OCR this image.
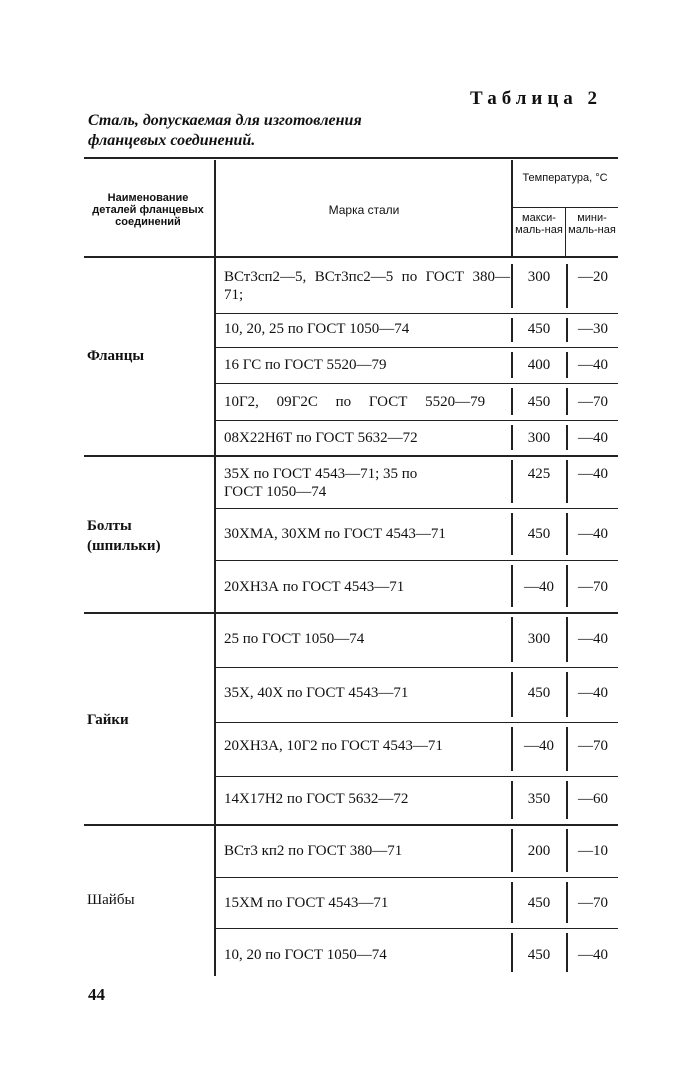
Таблица 2
Сталь, допускаемая для изготовления фланцевых соединений.
Наименование деталей фланцевых соединений
Марка стали
Температура, °С
макси-маль-ная
мини-маль-ная
Фланцы
Болты (шпильки)
Гайки
Шайбы
ВСт3сп2—5, ВСт3пс2—5 по ГОСТ 380—71;
10, 20, 25 по ГОСТ 1050—74
16 ГС по ГОСТ 5520—79
10Г2, 09Г2С по ГОСТ 5520—79
08Х22Н6Т по ГОСТ 5632—72
35Х по ГОСТ 4543—71; 35 по ГОСТ 1050—74
30ХМА, 30ХМ по ГОСТ 4543—71
20ХН3А по ГОСТ 4543—71
25 по ГОСТ 1050—74
35Х, 40Х по ГОСТ 4543—71
20ХН3А, 10Г2 по ГОСТ 4543—71
14Х17Н2 по ГОСТ 5632—72
ВСт3 кп2 по ГОСТ 380—71
15ХМ по ГОСТ 4543—71
10, 20 по ГОСТ 1050—74
300
450
400
450
300
425
450
—40
300
450
—40
350
200
450
450
—20
—30
—40
—70
—40
—40
—40
—70
—40
—40
—70
—60
—10
—70
—40
44
